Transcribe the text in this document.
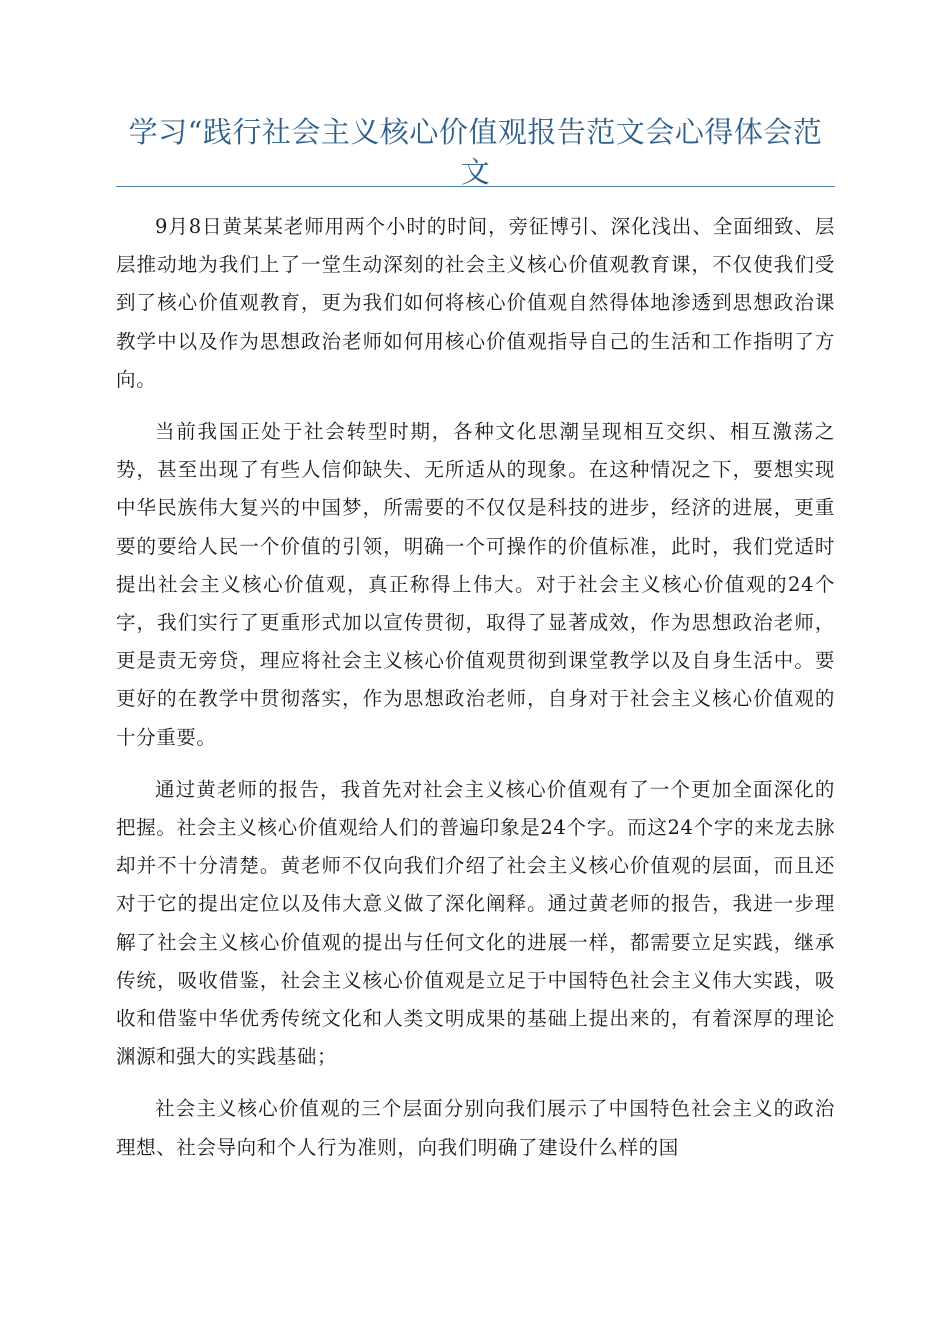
学习“践行社会主义核心价值观报告范文会心得体会范文

9月8日黄某某老师用两个小时的时间，旁征博引、深化浅出、全面细致、层层推动地为我们上了一堂生动深刻的社会主义核心价值观教育课，不仅使我们受到了核心价值观教育，更为我们如何将核心价值观自然得体地渗透到思想政治课教学中以及作为思想政治老师如何用核心价值观指导自己的生活和工作指明了方向。

当前我国正处于社会转型时期，各种文化思潮呈现相互交织、相互激荡之势，甚至出现了有些人信仰缺失、无所适从的现象。在这种情况之下，要想实现中华民族伟大复兴的中国梦，所需要的不仅仅是科技的进步，经济的进展，更重要的要给人民一个价值的引领，明确一个可操作的价值标准，此时，我们党适时提出社会主义核心价值观，真正称得上伟大。对于社会主义核心价值观的24个字，我们实行了更重形式加以宣传贯彻，取得了显著成效，作为思想政治老师，更是责无旁贷，理应将社会主义核心价值观贯彻到课堂教学以及自身生活中。要更好的在教学中贯彻落实，作为思想政治老师，自身对于社会主义核心价值观的十分重要。

通过黄老师的报告，我首先对社会主义核心价值观有了一个更加全面深化的把握。社会主义核心价值观给人们的普遍印象是24个字。而这24个字的来龙去脉却并不十分清楚。黄老师不仅向我们介绍了社会主义核心价值观的层面，而且还对于它的提出定位以及伟大意义做了深化阐释。通过黄老师的报告，我进一步理解了社会主义核心价值观的提出与任何文化的进展一样，都需要立足实践，继承传统，吸收借鉴，社会主义核心价值观是立足于中国特色社会主义伟大实践，吸收和借鉴中华优秀传统文化和人类文明成果的基础上提出来的，有着深厚的理论渊源和强大的实践基础；

社会主义核心价值观的三个层面分别向我们展示了中国特色社会主义的政治理想、社会导向和个人行为准则，向我们明确了建设什么样的国
